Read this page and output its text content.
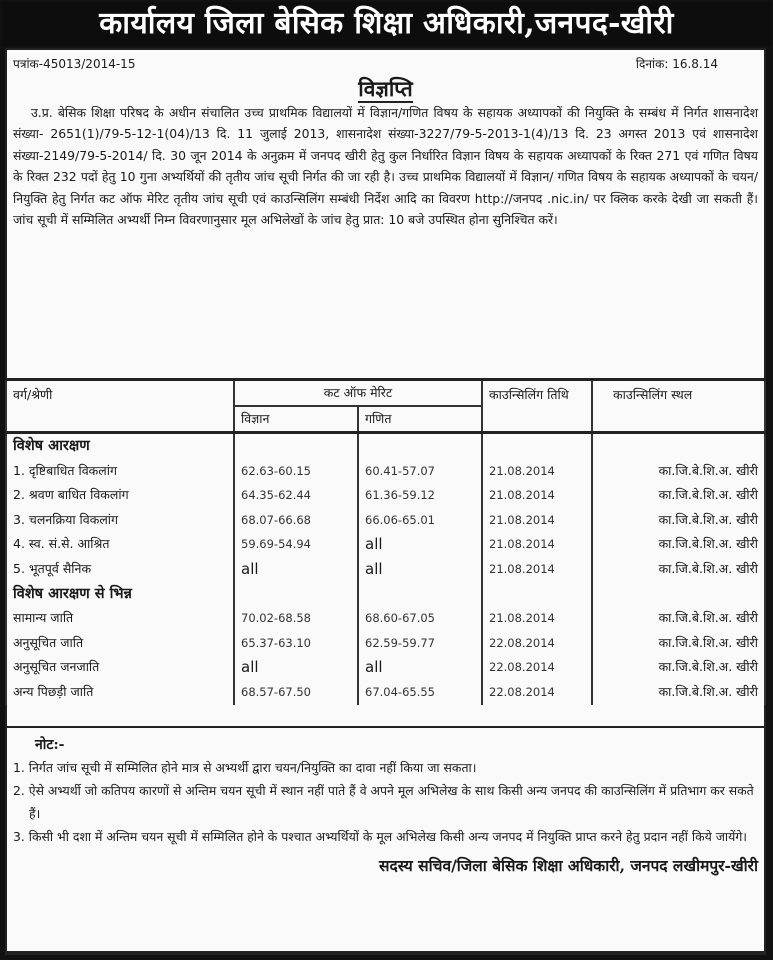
कार्यालय जिला बेसिक शिक्षा अधिकारी,जनपद-खीरी
पत्रांक-45013/2014-15	दिनांक: 16.8.14
विज्ञप्ति
उ.प्र. बेसिक शिक्षा परिषद के अधीन संचालित उच्च प्राथमिक विद्यालयों में विज्ञान/गणित विषय के सहायक अध्यापकों की नियुक्ति के सम्बंध में निर्गत शासनादेश संख्या- 2651(1)/79-5-12-1(04)/13 दि. 11 जुलाई 2013, शासनादेश संख्या-3227/79-5-2013-1(4)/13 दि. 23 अगस्त 2013 एवं शासनादेश संख्या-2149/79-5-2014/ दि. 30 जून 2014 के अनुक्रम में जनपद खीरी हेतु कुल निर्धारित विज्ञान विषय के सहायक अध्यापकों के रिक्त 271 एवं गणित विषय के रिक्त 232 पदों हेतु 10 गुना अभ्यर्थियों की तृतीय जांच सूची निर्गत की जा रही है। उच्च प्राथमिक विद्यालयों में विज्ञान/ गणित विषय के सहायक अध्यापकों के चयन/ नियुक्ति हेतु निर्गत कट ऑफ मेरिट तृतीय जांच सूची एवं काउन्सिलिंग सम्बंधी निर्देश आदि का विवरण http://जनपद .nic.in/ पर क्लिक करके देखी जा सकती हैं। जांच सूची में सम्मिलित अभ्यर्थी निम्न विवरणानुसार मूल अभिलेखों के जांच हेतु प्रात: 10 बजे उपस्थित होना सुनिश्चित करें।
वर्ग/श्रेणी	कट ऑफ मेरिट		काउन्सिलिंग तिथि	काउन्सिलिंग स्थल
	विज्ञान	गणित		
विशेष आरक्षण				
1. दृष्टिबाधित विकलांग	62.63-60.15	60.41-57.07	21.08.2014	का.जि.बे.शि.अ. खीरी
2. श्रवण बाधित विकलांग	64.35-62.44	61.36-59.12	21.08.2014	का.जि.बे.शि.अ. खीरी
3. चलनक्रिया विकलांग	68.07-66.68	66.06-65.01	21.08.2014	का.जि.बे.शि.अ. खीरी
4. स्व. सं.से. आश्रित	59.69-54.94	all	21.08.2014	का.जि.बे.शि.अ. खीरी
5. भूतपूर्व सैनिक	all	all	21.08.2014	का.जि.बे.शि.अ. खीरी
विशेष आरक्षण से भिन्न				
सामान्य जाति	70.02-68.58	68.60-67.05	21.08.2014	का.जि.बे.शि.अ. खीरी
अनुसूचित जाति	65.37-63.10	62.59-59.77	22.08.2014	का.जि.बे.शि.अ. खीरी
अनुसूचित जनजाति	all	all	22.08.2014	का.जि.बे.शि.अ. खीरी
अन्य पिछड़ी जाति	68.57-67.50	67.04-65.55	22.08.2014	का.जि.बे.शि.अ. खीरी
नोट:-
1. निर्गत जांच सूची में सम्मिलित होने मात्र से अभ्यर्थी द्वारा चयन/नियुक्ति का दावा नहीं किया जा सकता।
2. ऐसे अभ्यर्थी जो कतिपय कारणों से अन्तिम चयन सूची में स्थान नहीं पाते हैं वे अपने मूल अभिलेख के साथ किसी अन्य जनपद की काउन्सिलिंग में प्रतिभाग कर सकते हैं।
3. किसी भी दशा में अन्तिम चयन सूची में सम्मिलित होने के पश्चात अभ्यर्थियों के मूल अभिलेख किसी अन्य जनपद में नियुक्ति प्राप्त करने हेतु प्रदान नहीं किये जायेंगे।
सदस्य सचिव/जिला बेसिक शिक्षा अधिकारी, जनपद लखीमपुर-खीरी
